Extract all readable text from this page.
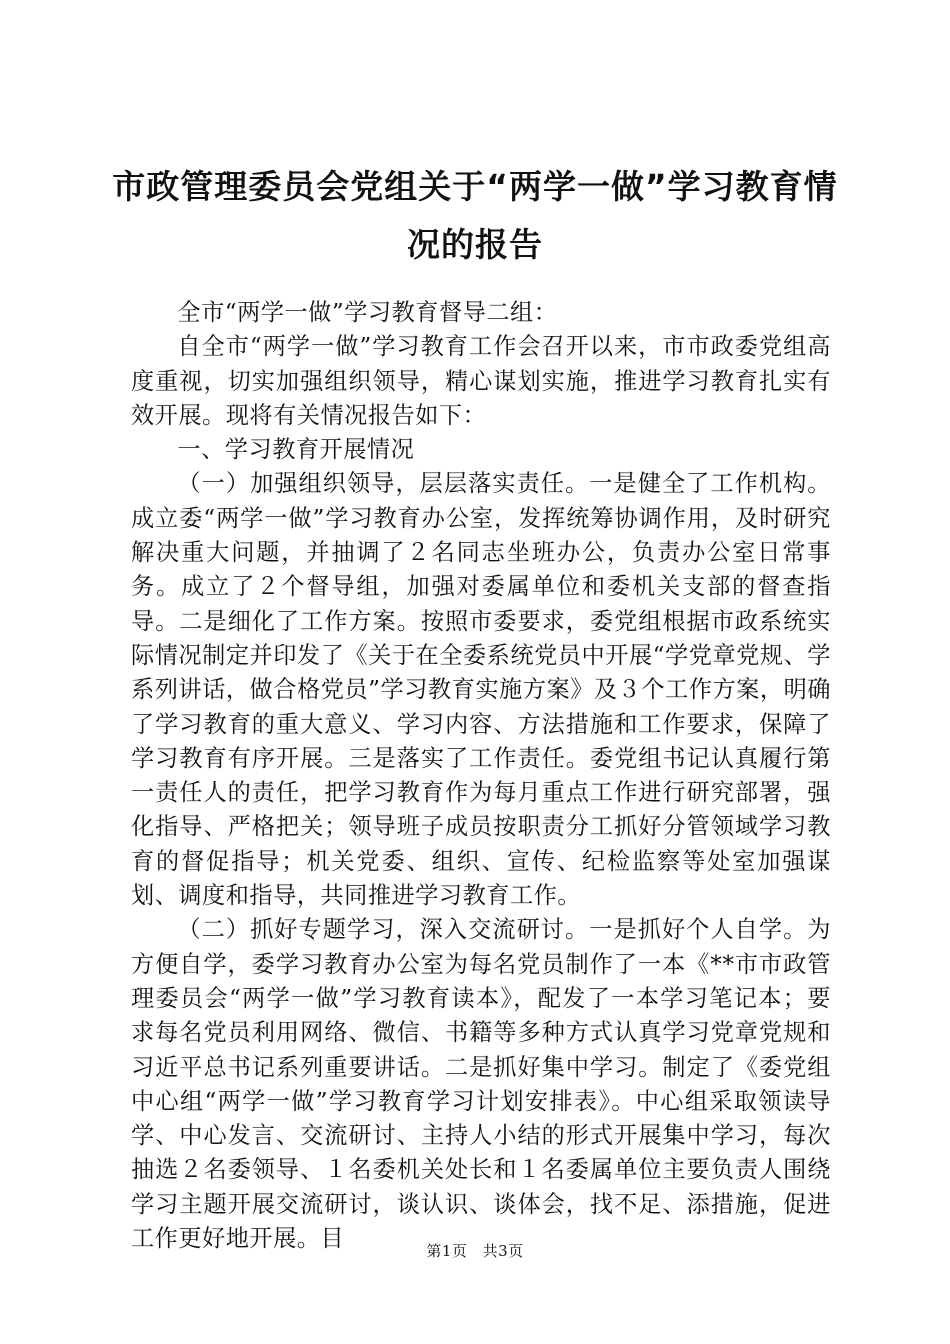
市政管理委员会党组关于“两学一做”学习教育情况的报告

全市“两学一做”学习教育督导二组：

自全市“两学一做”学习教育工作会召开以来，市市政委党组高度重视，切实加强组织领导，精心谋划实施，推进学习教育扎实有效开展。现将有关情况报告如下：

一、学习教育开展情况

（一）加强组织领导，层层落实责任。一是健全了工作机构。成立委“两学一做”学习教育办公室，发挥统筹协调作用，及时研究解决重大问题，并抽调了２名同志坐班办公，负责办公室日常事务。成立了２个督导组，加强对委属单位和委机关支部的督查指导。二是细化了工作方案。按照市委要求，委党组根据市政系统实际情况制定并印发了《关于在全委系统党员中开展“学党章党规、学系列讲话，做合格党员”学习教育实施方案》及３个工作方案，明确了学习教育的重大意义、学习内容、方法措施和工作要求，保障了学习教育有序开展。三是落实了工作责任。委党组书记认真履行第一责任人的责任，把学习教育作为每月重点工作进行研究部署，强化指导、严格把关；领导班子成员按职责分工抓好分管领域学习教育的督促指导；机关党委、组织、宣传、纪检监察等处室加强谋划、调度和指导，共同推进学习教育工作。

（二）抓好专题学习，深入交流研讨。一是抓好个人自学。为方便自学，委学习教育办公室为每名党员制作了一本《**市市政管理委员会“两学一做”学习教育读本》，配发了一本学习笔记本；要求每名党员利用网络、微信、书籍等多种方式认真学习党章党规和习近平总书记系列重要讲话。二是抓好集中学习。制定了《委党组中心组“两学一做”学习教育学习计划安排表》。中心组采取领读导学、中心发言、交流研讨、主持人小结的形式开展集中学习，每次抽选２名委领导、１名委机关处长和１名委属单位主要负责人围绕学习主题开展交流研讨，谈认识、谈体会，找不足、添措施，促进工作更好地开展。目	第1页 共3页
